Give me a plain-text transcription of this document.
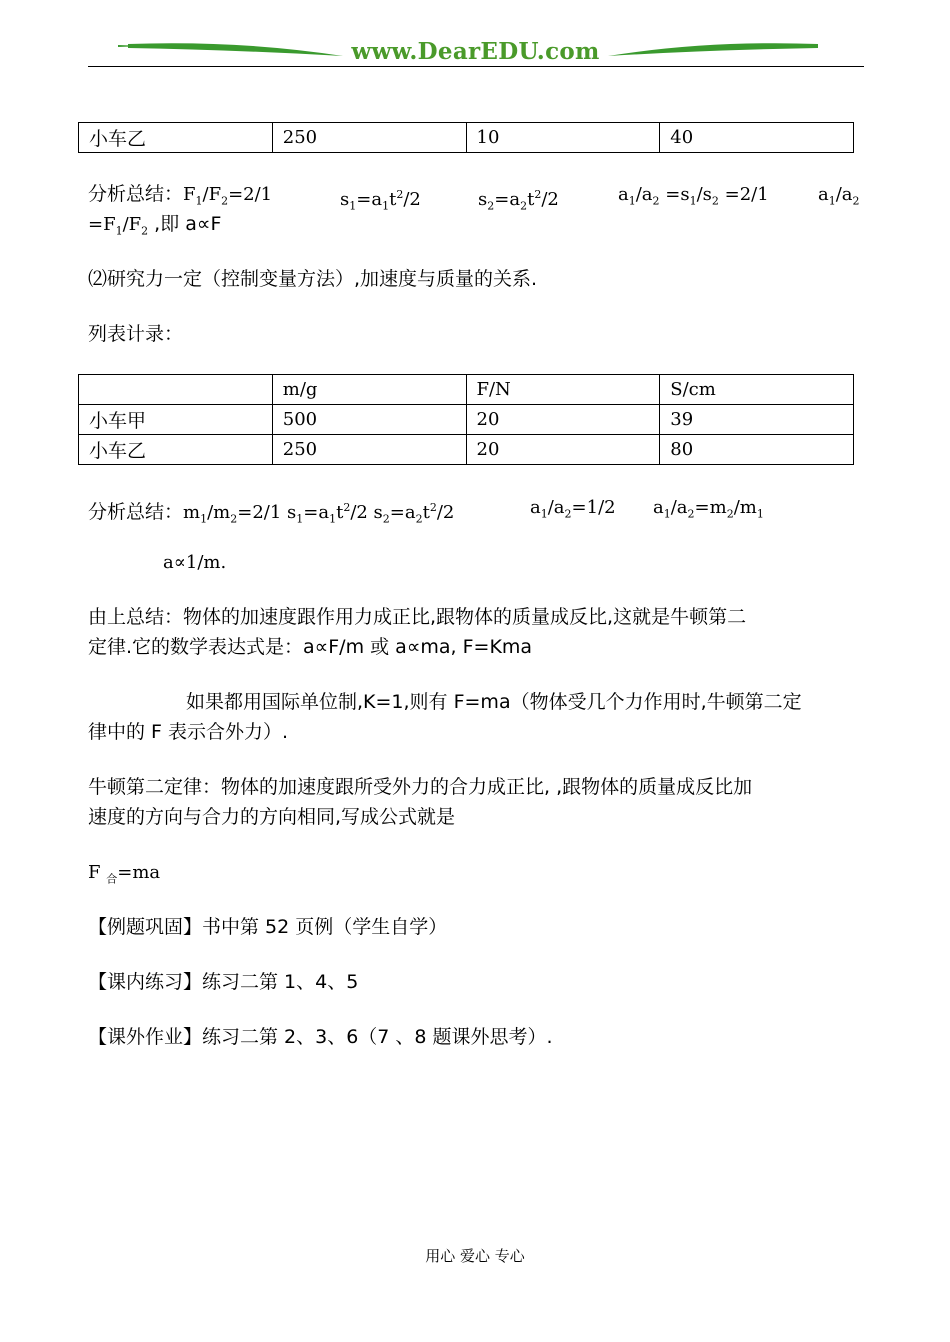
www.DearEDU.com
小车乙	250	10	40
分析总结：$F_1/F_2=2/1$	$s_1=a_1t^2/2$	$s_2=a_2t^2/2$	$a_1/a_2 =s_1/s_2 =2/1$	$a_1/a_2$
$=F_1/F_2$ ,即 a∝F
⑵研究力一定（控制变量方法）,加速度与质量的关系.
列表计录：
	m/g	F/N	S/cm
小车甲	500	20	39
小车乙	250	20	80
分析总结：$m_1/m_2=2/1$ $s_1=a_1t^2/2$ $s_2=a_2t^2/2$	$a_1/a_2=1/2$ $a_1/a_2=m_2/m_1$
a∝1/m.
由上总结：物体的加速度跟作用力成正比,跟物体的质量成反比,这就是牛顿第二
定律.它的数学表达式是：a∝F/m 或 a∝ma, F=Kma
如果都用国际单位制,K=1,则有 F=ma（物体受几个力作用时,牛顿第二定
律中的 F 表示合外力）.
牛顿第二定律：物体的加速度跟所受外力的合力成正比, ,跟物体的质量成反比加
速度的方向与合力的方向相同,写成公式就是
F $_合$=ma
【例题巩固】书中第 52 页例（学生自学）
【课内练习】练习二第 1、4、5
【课外作业】练习二第 2、3、6（7 、8 题课外思考）.
用心 爱心 专心
